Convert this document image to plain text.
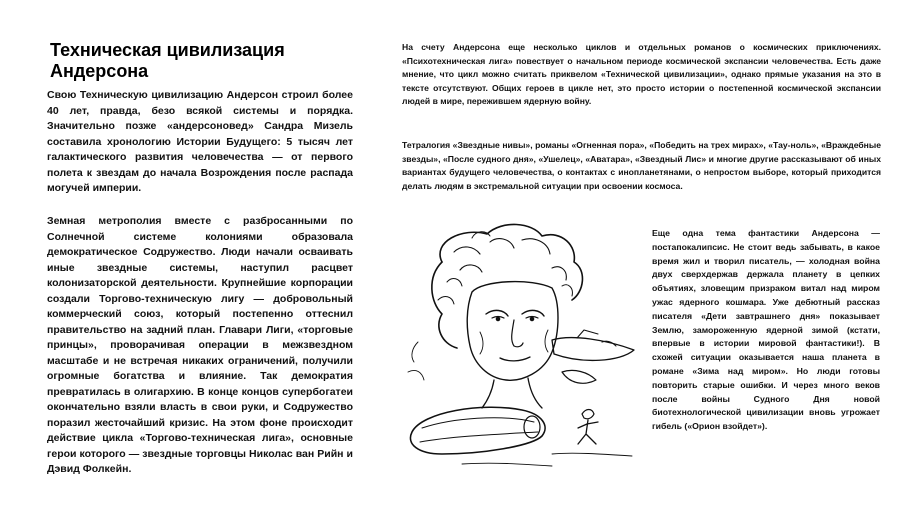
Техническая цивилизация
Андерсона

Свою Техническую цивилизацию Андерсон строил более 40 лет, правда, безо всякой системы и порядка. Значительно позже «андерсоновед» Сандра Мизель составила хронологию Истории Будущего: 5 тысяч лет галактического развития человечества — от первого полета к звездам до начала Возрождения после распада могучей империи.

Земная метрополия вместе с разбросанными по Солнечной системе колониями образовала демократическое Содружество. Люди начали осваивать иные звездные системы, наступил расцвет колонизаторской деятельности. Крупнейшие корпорации создали Торгово-техническую лигу — добровольный коммерческий союз, который постепенно оттеснил правительство на задний план. Главари Лиги, «торговые принцы», проворачивая операции в межзвездном масштабе и не встречая никаких ограничений, получили огромные богатства и влияние. Так демократия превратилась в олигархию. В конце концов супербогатеи окончательно взяли власть в свои руки, и Содружество поразил жесточайший кризис. На этом фоне происходит действие цикла «Торгово-техническая лига», основные герои которого — звездные торговцы Николас ван Рийн и Дэвид Фолкейн.

На счету Андерсона еще несколько циклов и отдельных романов о космических приключениях. «Психотехническая лига» повествует о начальном периоде космической экспансии человечества. Есть даже мнение, что цикл можно считать приквелом «Технической цивилизации», однако прямые указания на это в тексте отсутствуют. Общих героев в цикле нет, это просто истории о постепенной космической экспансии людей в мире, пережившем ядерную войну.

Тетралогия «Звездные нивы», романы «Огненная пора», «Победить на трех мирах», «Тау-ноль», «Враждебные звезды», «После судного дня», «Ушелец», «Аватара», «Звездный Лис» и многие другие рассказывают об иных вариантах будущего человечества, о контактах с инопланетянами, о непростом выборе, который приходится делать людям в экстремальной ситуации при освоении космоса.

Еще одна тема фантастики Андерсона — постапокалипсис. Не стоит ведь забывать, в какое время жил и творил писатель, — холодная война двух сверхдержав держала планету в цепких объятиях, зловещим призраком витал над миром ужас ядерного кошмара. Уже дебютный рассказ писателя «Дети завтрашнего дня» показывает Землю, замороженную ядерной зимой (кстати, впервые в истории мировой фантастики!). В схожей ситуации оказывается наша планета в романе «Зима над миром». Но люди готовы повторить старые ошибки. И через много веков после войны Судного Дня новой биотехнологической цивилизации вновь угрожает гибель («Орион взойдет»).
